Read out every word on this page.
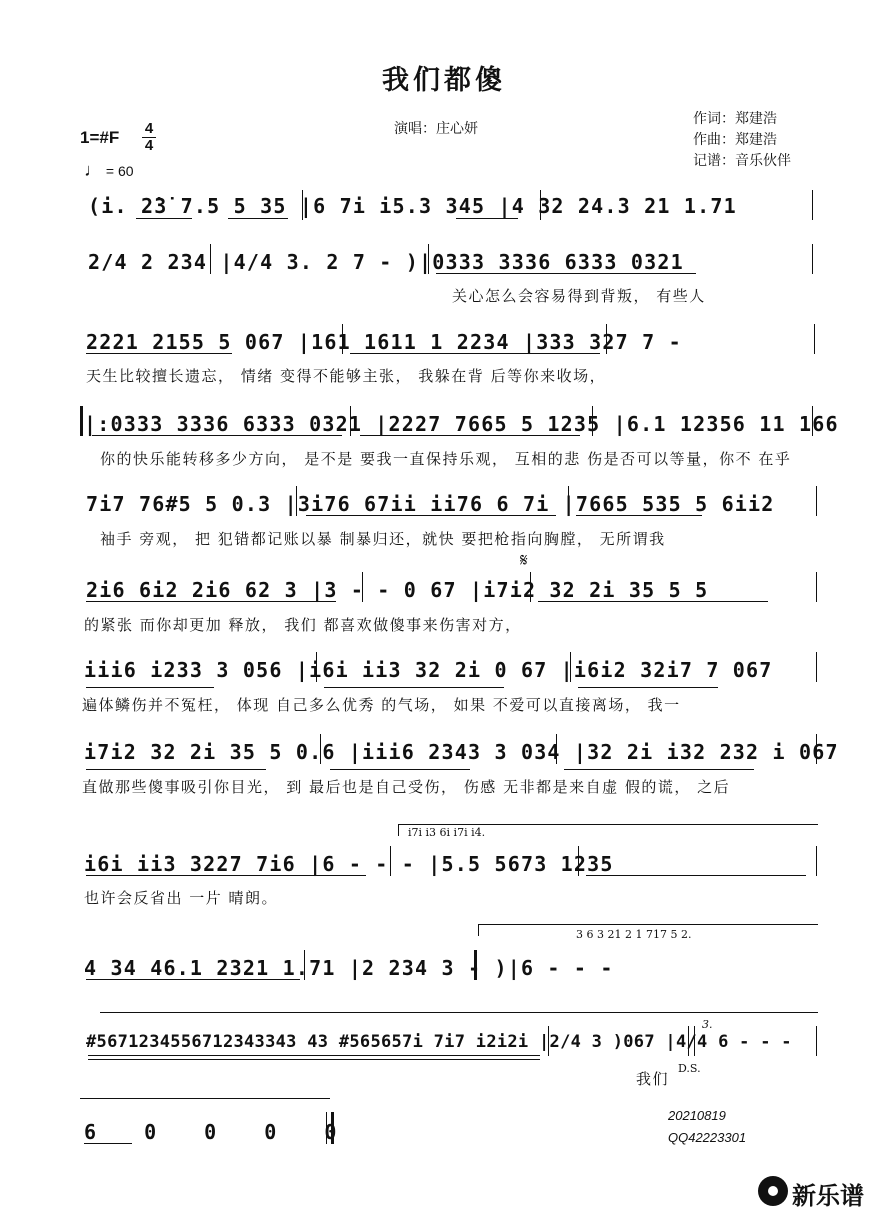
我们都傻
演唱：庄心妍
作词：郑建浩
作曲：郑建浩
记谱：音乐伙伴
1=#F 4
4
♩ = 60
(i. 2̇3̇ 7.5 5 35 |6 7i i5.3 345 |4 32 24.3 21 1.71
2/4 2 234 |4/4 3. 2 7 - )|0333 3336 6333 0321
关心怎么会容易得到背叛， 有些人
2221 2155 5 067 |161 1611 1 2234 |333 327 7 -
天生比较擅长遗忘， 情绪 变得不能够主张， 我躲在背 后等你来收场，
|:0333 3336 6333 0321 |2227 7665 5 1235 |6.1 12356 11 166
你的快乐能转移多少方向， 是不是 要我一直保持乐观， 互相的悲 伤是否可以等量，你不 在乎
7i7 76#5 5 0.3 |3i76 67ii ii76 6 7i |7665 535 5 6ii2
袖手 旁观， 把 犯错都记账以暴 制暴归还，就快 要把枪指向胸膛， 无所谓我
2i6 6i2 2i6 62 3 |3 - - 0 67 |i7i2 32 2i 35 5 5
的紧张 而你却更加 释放， 我们 都喜欢做傻事来伤害对方，
𝄋
iii6 i233 3 056 |i6i ii3 32 2i 0 67 |i6i2 32i7 7 067
遍体鳞伤并不冤枉， 体现 自己多么优秀 的气场， 如果 不爱可以直接离场， 我一
i7i2 32 2i 35 5 0.6 |iii6 2343 3 034 |32 2i i32 232 i 067
直做那些傻事吸引你目光， 到 最后也是自己受伤， 伤感 无非都是来自虚 假的谎， 之后
i7i i3 6i i7i i4.
i6i ii3 3227 7i6 |6 - - - |5.5 5673 1235
也许会反省出 一片 晴朗。
3 6 3 21 2 1 717 5 2.
4 34 46.1 2321 1.71 |2 234 3 - )|6 - - -
#5671234556712343343 43 #565657i 7i7 i2i2i |2/4 3 )067 |4/4 6 - - -
我们
D.S.
3.
6 0 0 0 0
20210819
QQ42223301
新乐谱
